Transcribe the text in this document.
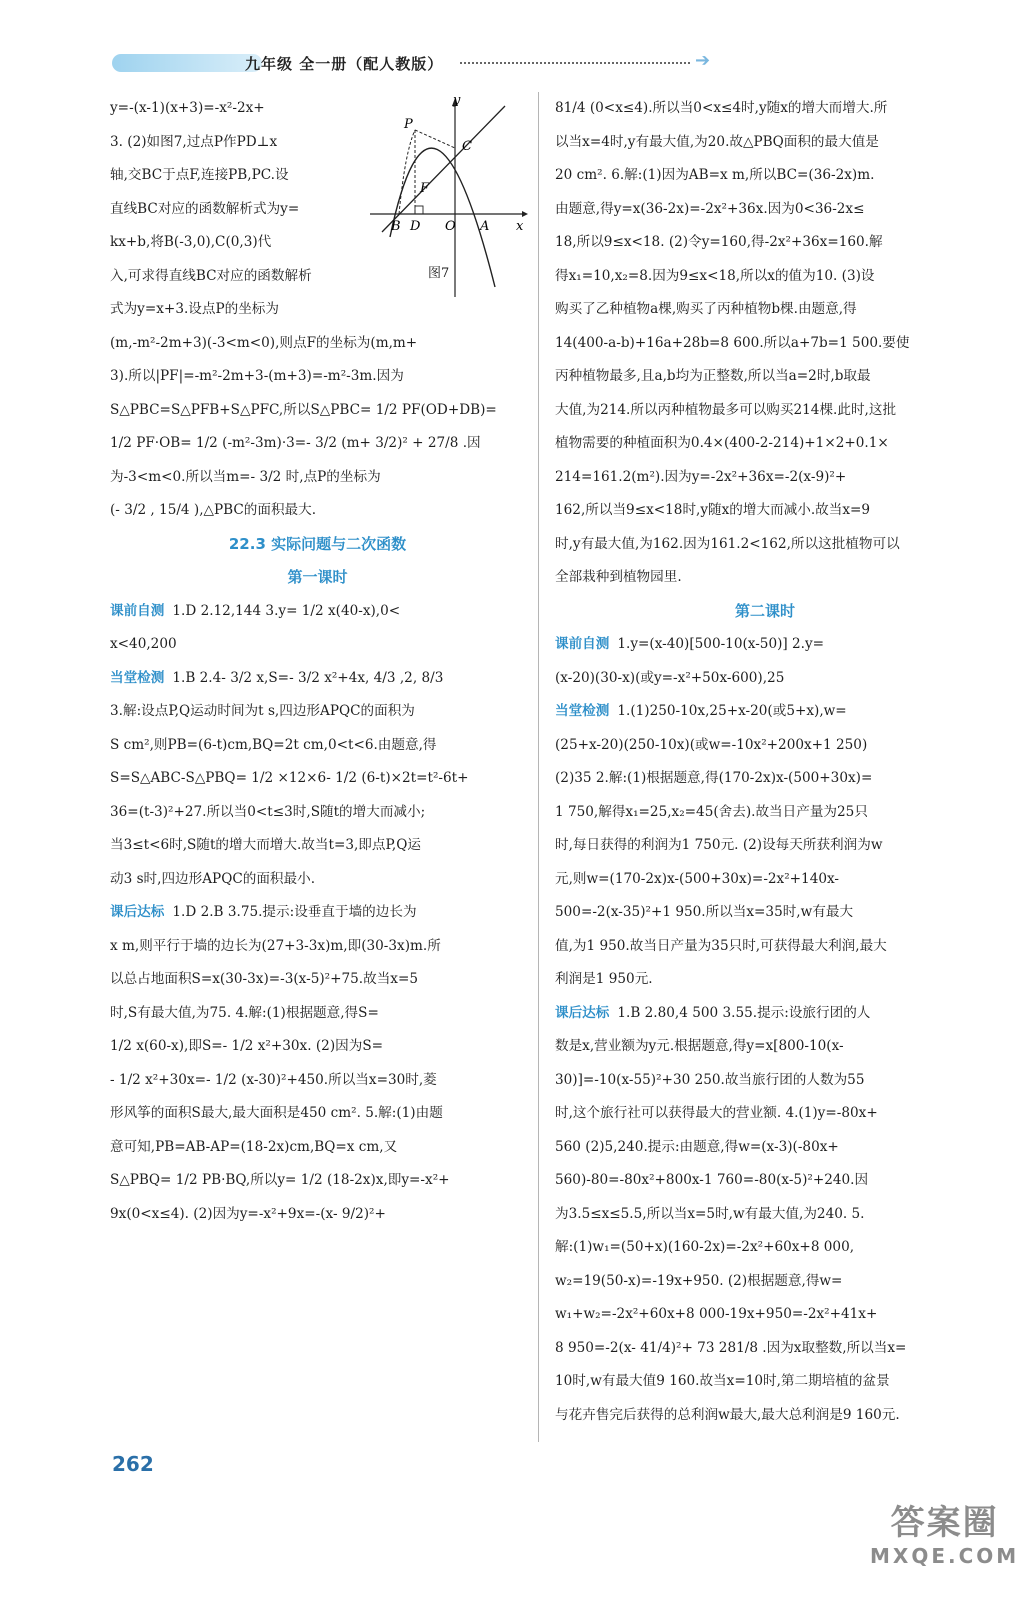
九年级 全一册（配人教版）	➔
y
x
P
C
F
B D O A
图7

y=-(x-1)(x+3)=-x²-2x+

3. (2)如图7,过点P作PD⊥x

轴,交BC于点F,连接PB,PC.设

直线BC对应的函数解析式为y=

kx+b,将B(-3,0),C(0,3)代

入,可求得直线BC对应的函数解析

式为y=x+3.设点P的坐标为

(m,-m²-2m+3)(-3<m<0),则点F的坐标为(m,m+

3).所以|PF|=-m²-2m+3-(m+3)=-m²-3m.因为

S△PBC=S△PFB+S△PFC,所以S△PBC= 1/2 PF(OD+DB)=

1/2 PF·OB= 1/2 (-m²-3m)·3=- 3/2 (m+ 3/2)² + 27/8 .因

为-3<m<0.所以当m=- 3/2 时,点P的坐标为

(- 3/2 , 15/4 ),△PBC的面积最大.

22.3 实际问题与二次函数

第一课时

课前自测 1.D 2.12,144 3.y= 1/2 x(40-x),0<

x<40,200

当堂检测 1.B 2.4- 3/2 x,S=- 3/2 x²+4x, 4/3 ,2, 8/3

3.解:设点P,Q运动时间为t s,四边形APQC的面积为

S cm²,则PB=(6-t)cm,BQ=2t cm,0<t<6.由题意,得

S=S△ABC-S△PBQ= 1/2 ×12×6- 1/2 (6-t)×2t=t²-6t+

36=(t-3)²+27.所以当0<t≤3时,S随t的增大而减小;

当3≤t<6时,S随t的增大而增大.故当t=3,即点P,Q运

动3 s时,四边形APQC的面积最小.

课后达标 1.D 2.B 3.75.提示:设垂直于墙的边长为

x m,则平行于墙的边长为(27+3-3x)m,即(30-3x)m.所

以总占地面积S=x(30-3x)=-3(x-5)²+75.故当x=5

时,S有最大值,为75. 4.解:(1)根据题意,得S=

1/2 x(60-x),即S=- 1/2 x²+30x. (2)因为S=

- 1/2 x²+30x=- 1/2 (x-30)²+450.所以当x=30时,菱

形风筝的面积S最大,最大面积是450 cm². 5.解:(1)由题

意可知,PB=AB-AP=(18-2x)cm,BQ=x cm,又

S△PBQ= 1/2 PB·BQ,所以y= 1/2 (18-2x)x,即y=-x²+

9x(0<x≤4). (2)因为y=-x²+9x=-(x- 9/2)²+

81/4 (0<x≤4).所以当0<x≤4时,y随x的增大而增大.所

以当x=4时,y有最大值,为20.故△PBQ面积的最大值是

20 cm². 6.解:(1)因为AB=x m,所以BC=(36-2x)m.

由题意,得y=x(36-2x)=-2x²+36x.因为0<36-2x≤

18,所以9≤x<18. (2)令y=160,得-2x²+36x=160.解

得x₁=10,x₂=8.因为9≤x<18,所以x的值为10. (3)设

购买了乙种植物a棵,购买了丙种植物b棵.由题意,得

14(400-a-b)+16a+28b=8 600.所以a+7b=1 500.要使

丙种植物最多,且a,b均为正整数,所以当a=2时,b取最

大值,为214.所以丙种植物最多可以购买214棵.此时,这批

植物需要的种植面积为0.4×(400-2-214)+1×2+0.1×

214=161.2(m²).因为y=-2x²+36x=-2(x-9)²+

162,所以当9≤x<18时,y随x的增大而减小.故当x=9

时,y有最大值,为162.因为161.2<162,所以这批植物可以

全部栽种到植物园里.

第二课时

课前自测 1.y=(x-40)[500-10(x-50)] 2.y=

(x-20)(30-x)(或y=-x²+50x-600),25

当堂检测 1.(1)250-10x,25+x-20(或5+x),w=

(25+x-20)(250-10x)(或w=-10x²+200x+1 250)

(2)35 2.解:(1)根据题意,得(170-2x)x-(500+30x)=

1 750,解得x₁=25,x₂=45(舍去).故当日产量为25只

时,每日获得的利润为1 750元. (2)设每天所获利润为w

元,则w=(170-2x)x-(500+30x)=-2x²+140x-

500=-2(x-35)²+1 950.所以当x=35时,w有最大

值,为1 950.故当日产量为35只时,可获得最大利润,最大

利润是1 950元.

课后达标 1.B 2.80,4 500 3.55.提示:设旅行团的人

数是x,营业额为y元.根据题意,得y=x[800-10(x-

30)]=-10(x-55)²+30 250.故当旅行团的人数为55

时,这个旅行社可以获得最大的营业额. 4.(1)y=-80x+

560 (2)5,240.提示:由题意,得w=(x-3)(-80x+

560)-80=-80x²+800x-1 760=-80(x-5)²+240.因

为3.5≤x≤5.5,所以当x=5时,w有最大值,为240. 5.

解:(1)w₁=(50+x)(160-2x)=-2x²+60x+8 000,

w₂=19(50-x)=-19x+950. (2)根据题意,得w=

w₁+w₂=-2x²+60x+8 000-19x+950=-2x²+41x+

8 950=-2(x- 41/4)²+ 73 281/8 .因为x取整数,所以当x=

10时,w有最大值9 160.故当x=10时,第二期培植的盆景

与花卉售完后获得的总利润w最大,最大总利润是9 160元.

262
答案圈
MXQE.COM
